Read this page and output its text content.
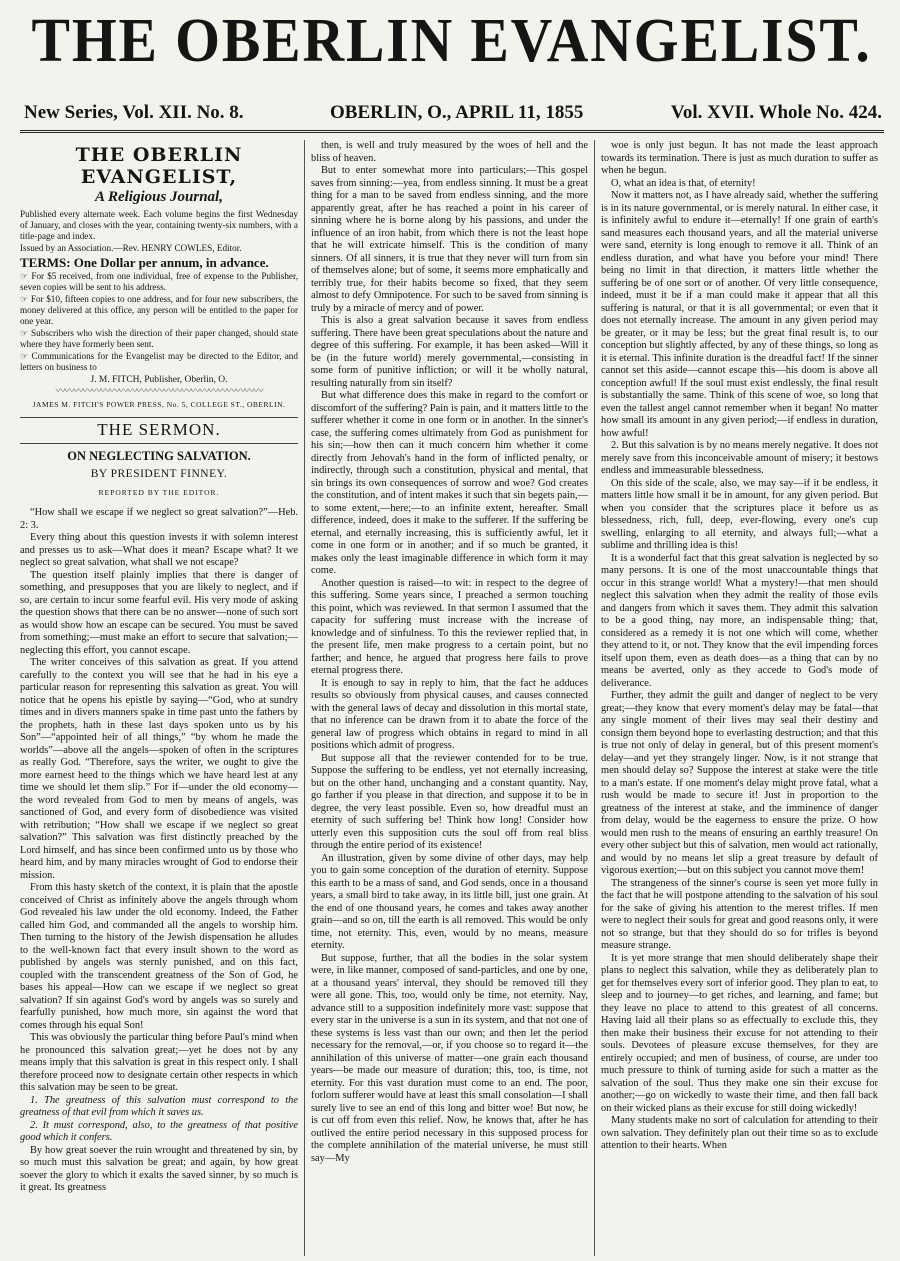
THE OBERLIN EVANGELIST.
New Series, Vol. XII. No. 8.	OBERLIN, O., APRIL 11, 1855	Vol. XVII. Whole No. 424.
THE OBERLIN EVANGELIST,
A Religious Journal,

Published every alternate week. Each volume begins the first Wednesday of January, and closes with the year, containing twenty-six numbers, with a title-page and index.

Issued by an Association.—Rev. HENRY COWLES, Editor.

TERMS: One Dollar per annum, in advance.

☞ For $5 received, from one individual, free of expense to the Publisher, seven copies will be sent to his address.

☞ For $10, fifteen copies to one address, and for four new subscribers, the money delivered at this office, any person will be entitled to the paper for one year.

☞ Subscribers who wish the direction of their paper changed, should state where they have formerly been sent.

☞ Communications for the Evangelist may be directed to the Editor, and letters on business to

J. M. FITCH, Publisher, Oberlin, O.

〰〰〰〰〰〰〰〰〰〰〰〰〰〰〰〰〰〰〰〰〰〰〰

JAMES M. FITCH'S POWER PRESS, No. 5, COLLEGE ST., OBERLIN.

THE SERMON.
ON NEGLECTING SALVATION.
BY PRESIDENT FINNEY.
REPORTED BY THE EDITOR.

“How shall we escape if we neglect so great salvation?”—Heb. 2: 3.

Every thing about this question invests it with solemn interest and presses us to ask—What does it mean? Escape what? It we neglect so great salvation, what shall we not escape?

The question itself plainly implies that there is danger of something, and presupposes that you are likely to neglect, and if so, are certain to incur some fearful evil. His very mode of asking the question shows that there can be no answer—none of such sort as would show how an escape can be secured. You must be saved from something;—must make an effort to secure that salvation;—neglecting this effort, you cannot escape.

The writer conceives of this salvation as great. If you attend carefully to the context you will see that he had in his eye a particular reason for representing this salvation as great. You will notice that he opens his epistle by saying—“God, who at sundry times and in divers manners spake in time past unto the fathers by the prophets, hath in these last days spoken unto us by his Son”—“appointed heir of all things,” “by whom he made the worlds”—above all the angels—spoken of often in the scriptures as really God. “Therefore, says the writer, we ought to give the more earnest heed to the things which we have heard lest at any time we should let them slip.” For if—under the old economy—the word revealed from God to men by means of angels, was sanctioned of God, and every form of disobedience was visited with retribution; “How shall we escape if we neglect so great salvation?” This salvation was first distinctly preached by the Lord himself, and has since been confirmed unto us by those who heard him, and by many miracles wrought of God to endorse their mission.

From this hasty sketch of the context, it is plain that the apostle conceived of Christ as infinitely above the angels through whom God revealed his law under the old economy. Indeed, the Father called him God, and commanded all the angels to worship him. Then turning to the history of the Jewish dispensation he alludes to the well-known fact that every insult shown to the word as published by angels was sternly punished, and on this fact, coupled with the transcendent greatness of the Son of God, he bases his appeal—How can we escape if we neglect so great salvation? If sin against God's word by angels was so surely and fearfully punished, how much more, sin against the word that comes through his equal Son!

This was obviously the particular thing before Paul's mind when he pronounced this salvation great;—yet he does not by any means imply that this salvation is great in this respect only. I shall therefore proceed now to designate certain other respects in which this salvation may be seen to be great.

1. The greatness of this salvation must correspond to the greatness of that evil from which it saves us.

2. It must correspond, also, to the greatness of that positive good which it confers.

By how great soever the ruin wrought and threatened by sin, by so much must this salvation be great; and again, by how great soever the glory to which it exalts the saved sinner, by so much is it great. Its greatness

then, is well and truly measured by the woes of hell and the bliss of heaven.

But to enter somewhat more into particulars;—This gospel saves from sinning:—yea, from endless sinning. It must be a great thing for a man to be saved from endless sinning, and the more apparently great, after he has reached a point in his career of sinning where he is borne along by his passions, and under the influence of an iron habit, from which there is not the least hope that he will extricate himself. This is the condition of many sinners. Of all sinners, it is true that they never will turn from sin of themselves alone; but of some, it seems more emphatically and terribly true, for their habits become so fixed, that they seem almost to defy Omnipotence. For such to be saved from sinning is truly by a miracle of mercy and of power.

This is also a great salvation because it saves from endless suffering. There have been great speculations about the nature and degree of this suffering. For example, it has been asked—Will it be (in the future world) merely governmental,—consisting in some form of punitive infliction; or will it be wholly natural, resulting naturally from sin itself?

But what difference does this make in regard to the comfort or discomfort of the suffering? Pain is pain, and it matters little to the sufferer whether it come in one form or in another. In the sinner's case, the suffering comes ultimately from God as punishment for his sin;—how then can it much concern him whether it come directly from Jehovah's hand in the form of inflicted penalty, or indirectly, through such a constitution, physical and mental, that sin brings its own consequences of sorrow and woe? God creates the constitution, and of intent makes it such that sin begets pain,—to some extent,—here;—to an infinite extent, hereafter. Small difference, indeed, does it make to the sufferer. If the suffering be eternal, and eternally increasing, this is sufficiently awful, let it come in one form or in another; and if so much be granted, it makes only the least imaginable difference in which form it may come.

Another question is raised—to wit: in respect to the degree of this suffering. Some years since, I preached a sermon touching this point, which was reviewed. In that sermon I assumed that the capacity for suffering must increase with the increase of knowledge and of sinfulness. To this the reviewer replied that, in the present life, men make progress to a certain point, but no farther; and hence, he argued that progress here fails to prove eternal progress there.

It is enough to say in reply to him, that the fact he adduces results so obviously from physical causes, and causes connected with the general laws of decay and dissolution in this mortal state, that no inference can be drawn from it to abate the force of the general law of progress which obtains in regard to mind in all positions which admit of progress.

But suppose all that the reviewer contended for to be true. Suppose the suffering to be endless, yet not eternally increasing, but on the other hand, unchanging and a constant quantity. Nay, go farther if you please in that direction, and suppose it to be in degree, the very least possible. Even so, how dreadful must an eternity of such suffering be! Think how long! Consider how utterly even this supposition cuts the soul off from real bliss through the entire period of its existence!

An illustration, given by some divine of other days, may help you to gain some conception of the duration of eternity. Suppose this earth to be a mass of sand, and God sends, once in a thousand years, a small bird to take away, in its little bill, just one grain. At the end of one thousand years, he comes and takes away another grain—and so on, till the earth is all removed. This would be only time, not eternity. This, even, would by no means, measure eternity.

But suppose, further, that all the bodies in the solar system were, in like manner, composed of sand-particles, and one by one, at a thousand years' interval, they should be removed till they were all gone. This, too, would only be time, not eternity. Nay, advance still to a supposition indefinitely more vast: suppose that every star in the universe is a sun in its system, and that not one of these systems is less vast than our own; and then let the period necessary for the removal,—or, if you choose so to regard it—the annihilation of this universe of matter—one grain each thousand years—be made our measure of duration; this, too, is time, not eternity. For this vast duration must come to an end. The poor, forlorn sufferer would have at least this small consolation—I shall surely live to see an end of this long and bitter woe! But now, he is cut off from even this relief. Now, he knows that, after he has outlived the entire period necessary in this supposed process for the complete annihilation of the material universe, he must still say—My

woe is only just begun. It has not made the least approach towards its termination. There is just as much duration to suffer as when he begun.

O, what an idea is that, of eternity!

Now it matters not, as I have already said, whether the suffering is in its nature governmental, or is merely natural. In either case, it is infinitely awful to endure it—eternally! If one grain of earth's sand measures each thousand years, and all the material universe were sand, eternity is long enough to remove it all. Think of an endless duration, and what have you before your mind! There being no limit in that direction, it matters little whether the suffering be of one sort or of another. Of very little consequence, indeed, must it be if a man could make it appear that all this suffering is natural, or that it is all governmental; or even that it does not eternally increase. The amount in any given period may be greater, or it may be less; but the great final result is, to our conception but slightly affected, by any of these things, so long as it is eternal. This infinite duration is the dreadful fact! If the sinner cannot set this aside—cannot escape this—his doom is above all conception awful! If the soul must exist endlessly, the final result is substantially the same. Think of this scene of woe, so long that even the tallest angel cannot remember when it began! No matter how small its amount in any given period;—if endless in duration, how awful!

2. But this salvation is by no means merely negative. It does not merely save from this inconceivable amount of misery; it bestows endless and immeasurable blessedness.

On this side of the scale, also, we may say—if it be endless, it matters little how small it be in amount, for any given period. But when you consider that the scriptures place it before us as blessedness, rich, full, deep, ever-flowing, every one's cup swelling, enlarging to all eternity, and always full;—what a sublime and thrilling idea is this!

It is a wonderful fact that this great salvation is neglected by so many persons. It is one of the most unaccountable things that occur in this strange world! What a mystery!—that men should neglect this salvation when they admit the reality of those evils and dangers from which it saves them. They admit this salvation to be a good thing, nay more, an indispensable thing; that, considered as a remedy it is not one which will come, whether they attend to it, or not. They know that the evil impending forces itself upon them, even as death does—as a thing that can by no means be averted, only as they accede to God's mode of deliverance.

Further, they admit the guilt and danger of neglect to be very great;—they know that every moment's delay may be fatal—that any single moment of their lives may seal their destiny and consign them beyond hope to everlasting destruction; and that this is true not only of delay in general, but of this present moment's delay—and yet they strangely linger. Now, is it not strange that men should delay so? Suppose the interest at stake were the title to a man's estate. If one moment's delay might prove fatal, what a rush would be made to secure it! Just in proportion to the greatness of the interest at stake, and the imminence of danger from delay, would be the eagerness to ensure the prize. O how would men rush to the means of ensuring an earthly treasure! On every other subject but this of salvation, men would act rationally, and would by no means let slip a great treasure by default of vigorous exertion;—but on this subject you cannot move them!

The strangeness of the sinner's course is seen yet more fully in the fact that he will postpone attending to the salvation of his soul for the sake of giving his attention to the merest trifles. If men were to neglect their souls for great and good reasons only, it were not so strange, but that they should do so for trifles is beyond measure strange.

It is yet more strange that men should deliberately shape their plans to neglect this salvation, while they as deliberately plan to get for themselves every sort of inferior good. They plan to eat, to sleep and to journey—to get riches, and learning, and fame; but they leave no place to attend to this greatest of all concerns. Having laid all their plans so as effectually to exclude this, they then make their business their excuse for not attending to their souls. Devotees of pleasure excuse themselves, for they are entirely occupied; and men of business, of course, are under too much pressure to think of turning aside for such a matter as the salvation of the soul. Thus they make one sin their excuse for another;—go on wickedly to waste their time, and then fall back on their wicked plans as their excuse for still doing wickedly!

Many students make no sort of calculation for attending to their own salvation. They definitely plan out their time so as to exclude attention to their hearts. When
